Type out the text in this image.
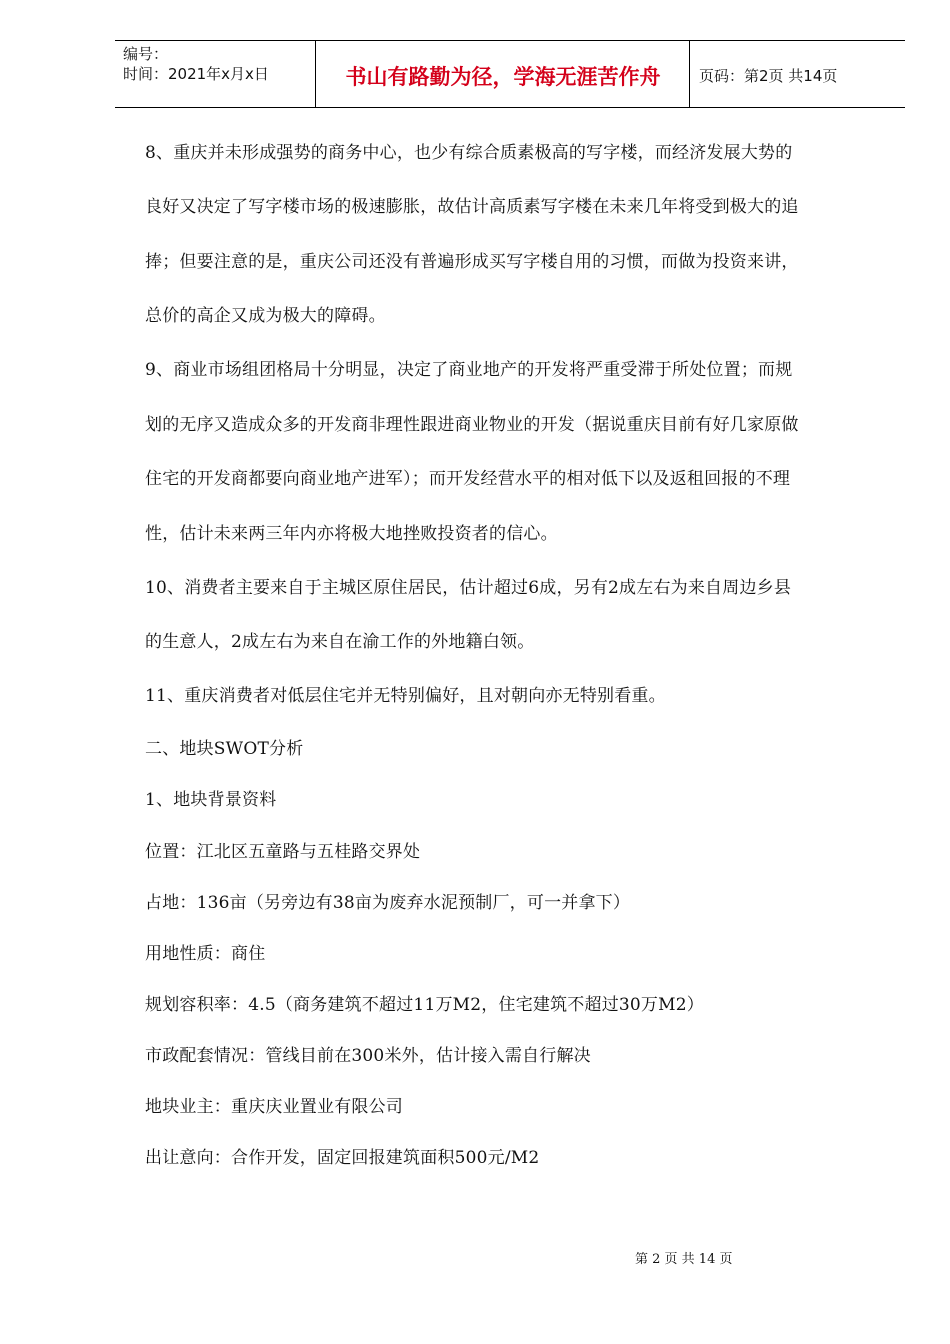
编号：
时间：2021年x月x日	书山有路勤为径，学海无涯苦作舟	页码：第2页 共14页
8、重庆并未形成强势的商务中心，也少有综合质素极高的写字楼，而经济发展大势的
良好又决定了写字楼市场的极速膨胀，故估计高质素写字楼在未来几年将受到极大的追
捧；但要注意的是，重庆公司还没有普遍形成买写字楼自用的习惯，而做为投资来讲，
总价的高企又成为极大的障碍。
9、商业市场组团格局十分明显，决定了商业地产的开发将严重受滞于所处位置；而规
划的无序又造成众多的开发商非理性跟进商业物业的开发（据说重庆目前有好几家原做
住宅的开发商都要向商业地产进军）；而开发经营水平的相对低下以及返租回报的不理
性，估计未来两三年内亦将极大地挫败投资者的信心。
10、消费者主要来自于主城区原住居民，估计超过6成，另有2成左右为来自周边乡县
的生意人，2成左右为来自在渝工作的外地籍白领。
11、重庆消费者对低层住宅并无特别偏好，且对朝向亦无特别看重。
二、地块SWOT分析
1、地块背景资料
位置：江北区五童路与五桂路交界处
占地：136亩（另旁边有38亩为废弃水泥预制厂，可一并拿下）
用地性质：商住
规划容积率：4.5（商务建筑不超过11万M2，住宅建筑不超过30万M2）
市政配套情况：管线目前在300米外，估计接入需自行解决
地块业主：重庆庆业置业有限公司
出让意向：合作开发，固定回报建筑面积500元/M2
第 2 页 共 14 页
